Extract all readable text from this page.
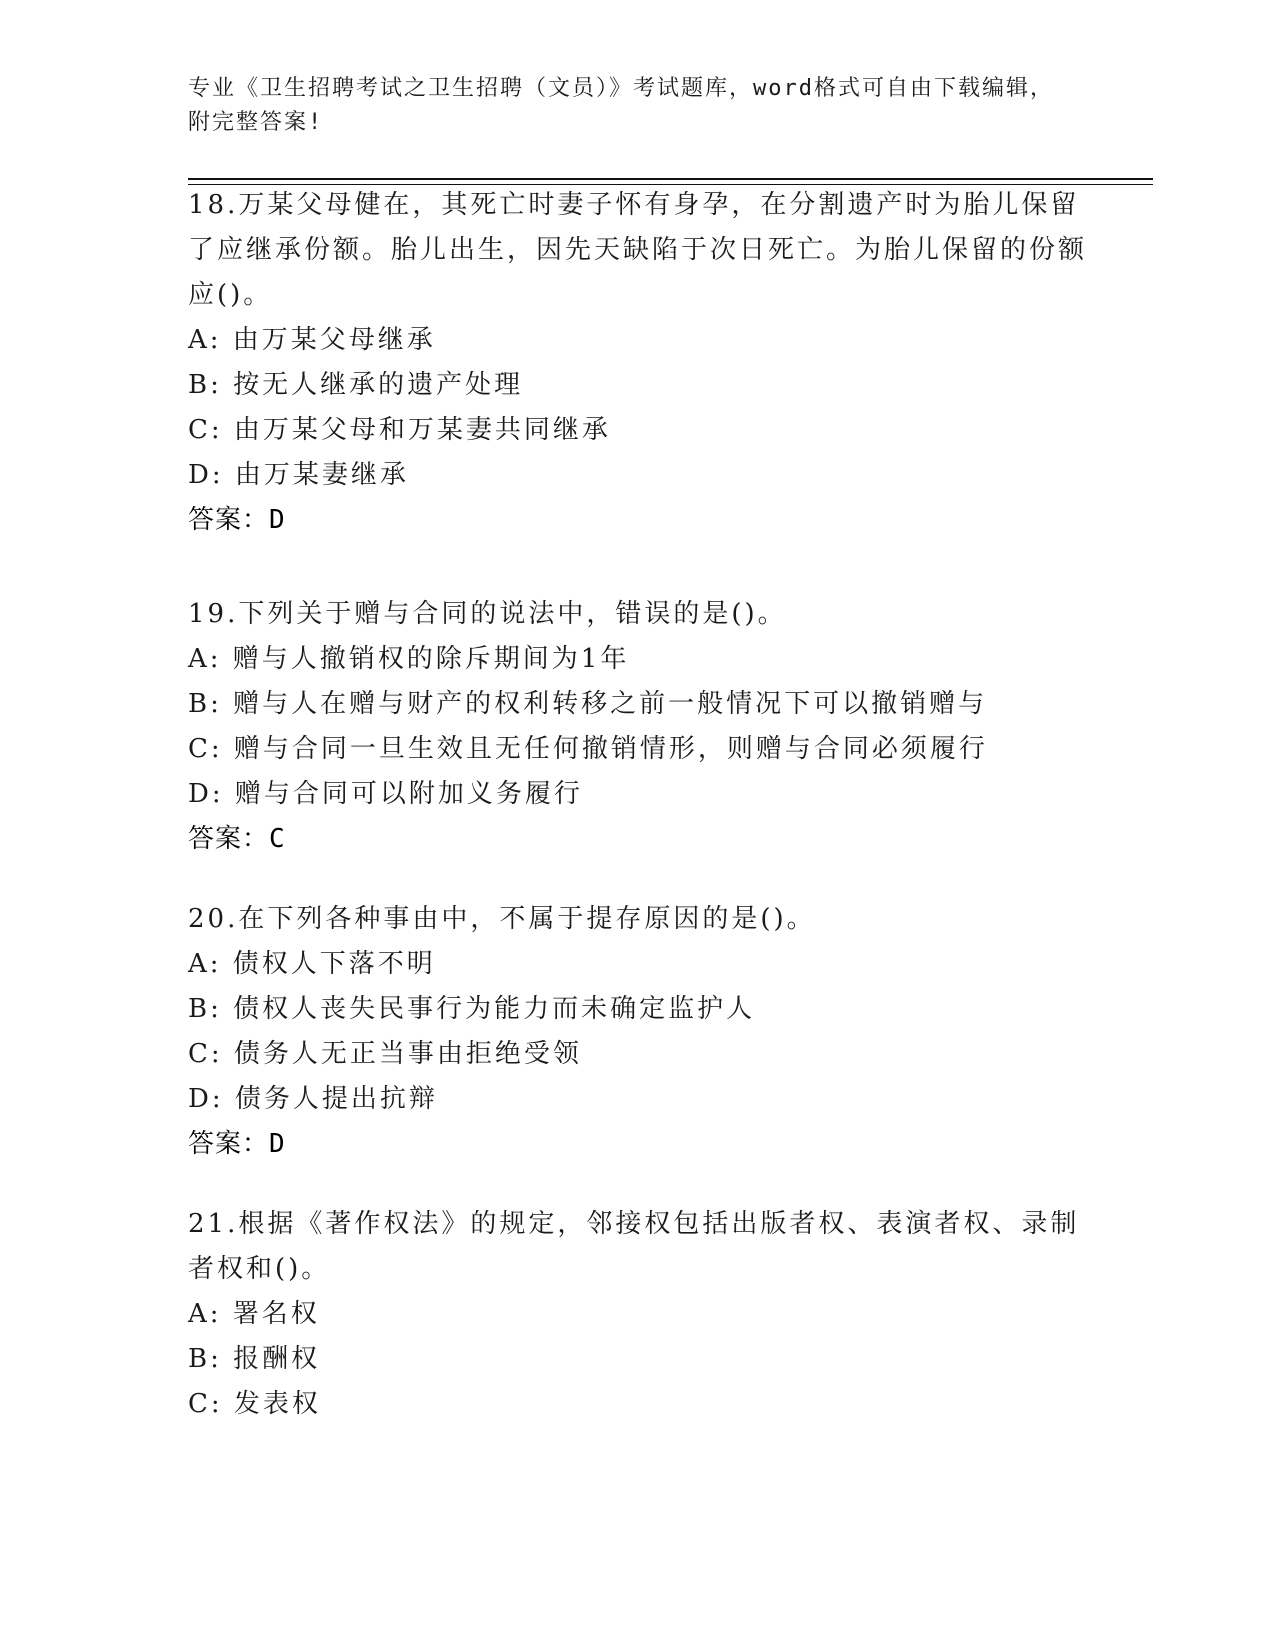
专业《卫生招聘考试之卫生招聘（文员）》考试题库，word格式可自由下载编辑，附完整答案!
18.万某父母健在，其死亡时妻子怀有身孕，在分割遗产时为胎儿保留了应继承份额。胎儿出生，因先天缺陷于次日死亡。为胎儿保留的份额应()。
A: 由万某父母继承
B: 按无人继承的遗产处理
C: 由万某父母和万某妻共同继承
D: 由万某妻继承
答案：D
19.下列关于赠与合同的说法中，错误的是()。
A: 赠与人撤销权的除斥期间为1年
B: 赠与人在赠与财产的权利转移之前一般情况下可以撤销赠与
C: 赠与合同一旦生效且无任何撤销情形，则赠与合同必须履行
D: 赠与合同可以附加义务履行
答案：C
20.在下列各种事由中，不属于提存原因的是()。
A: 债权人下落不明
B: 债权人丧失民事行为能力而未确定监护人
C: 债务人无正当事由拒绝受领
D: 债务人提出抗辩
答案：D
21.根据《著作权法》的规定，邻接权包括出版者权、表演者权、录制者权和()。
A: 署名权
B: 报酬权
C: 发表权
